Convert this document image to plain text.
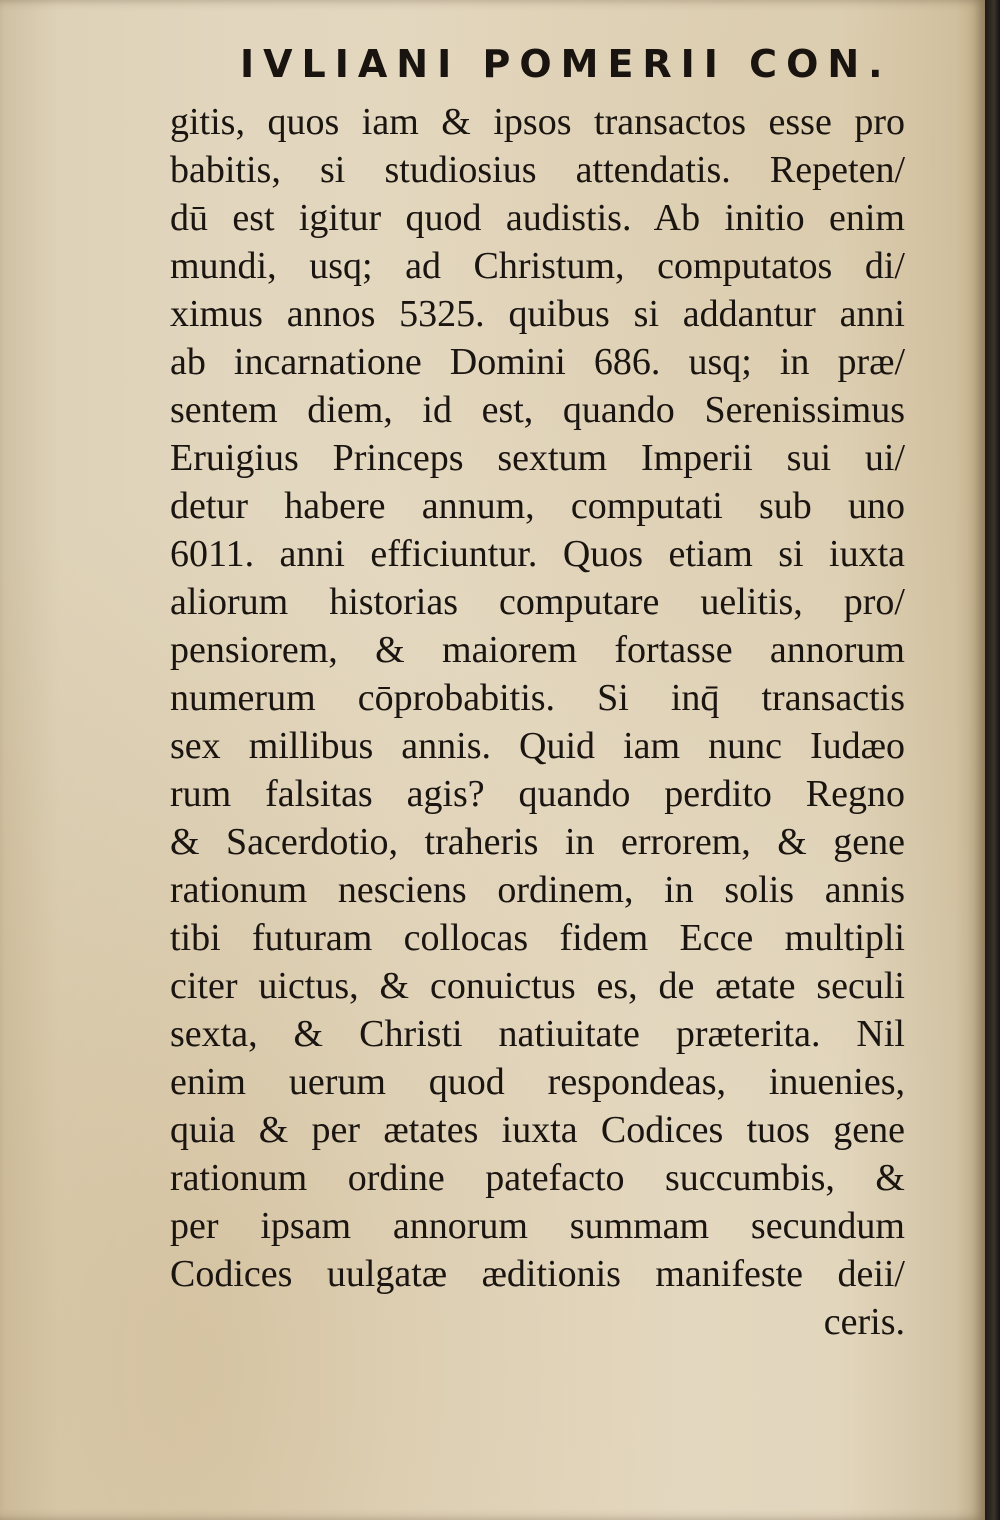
IVLIANI POMERII CON.
gitis, quos iam & ipsos transactos esse pro
babitis, si studiosius attendatis. Repeten/
dū est igitur quod audistis. Ab initio enim
mundi, usq; ad Christum, computatos di/
ximus annos 5325. quibus si addantur anni
ab incarnatione Domini 686. usq; in præ/
sentem diem, id est, quando Serenissimus
Eruigius Princeps sextum Imperii sui ui/
detur habere annum, computati sub uno
6011. anni efficiuntur. Quos etiam si iuxta
aliorum historias computare uelitis, pro/
pensiorem, & maiorem fortasse annorum
numerum cōprobabitis. Si inq̄ transactis
sex millibus annis. Quid iam nunc Iudæo
rum falsitas agis? quando perdito Regno
& Sacerdotio, traheris in errorem, & gene
rationum nesciens ordinem, in solis annis
tibi futuram collocas fidem Ecce multipli
citer uictus, & conuictus es, de ætate seculi
sexta, & Christi natiuitate præterita. Nil
enim uerum quod respondeas, inuenies,
quia & per ætates iuxta Codices tuos gene
rationum ordine patefacto succumbis, &
per ipsam annorum summam secundum
Codices uulgatæ æditionis manifeste deii/
ceris.
